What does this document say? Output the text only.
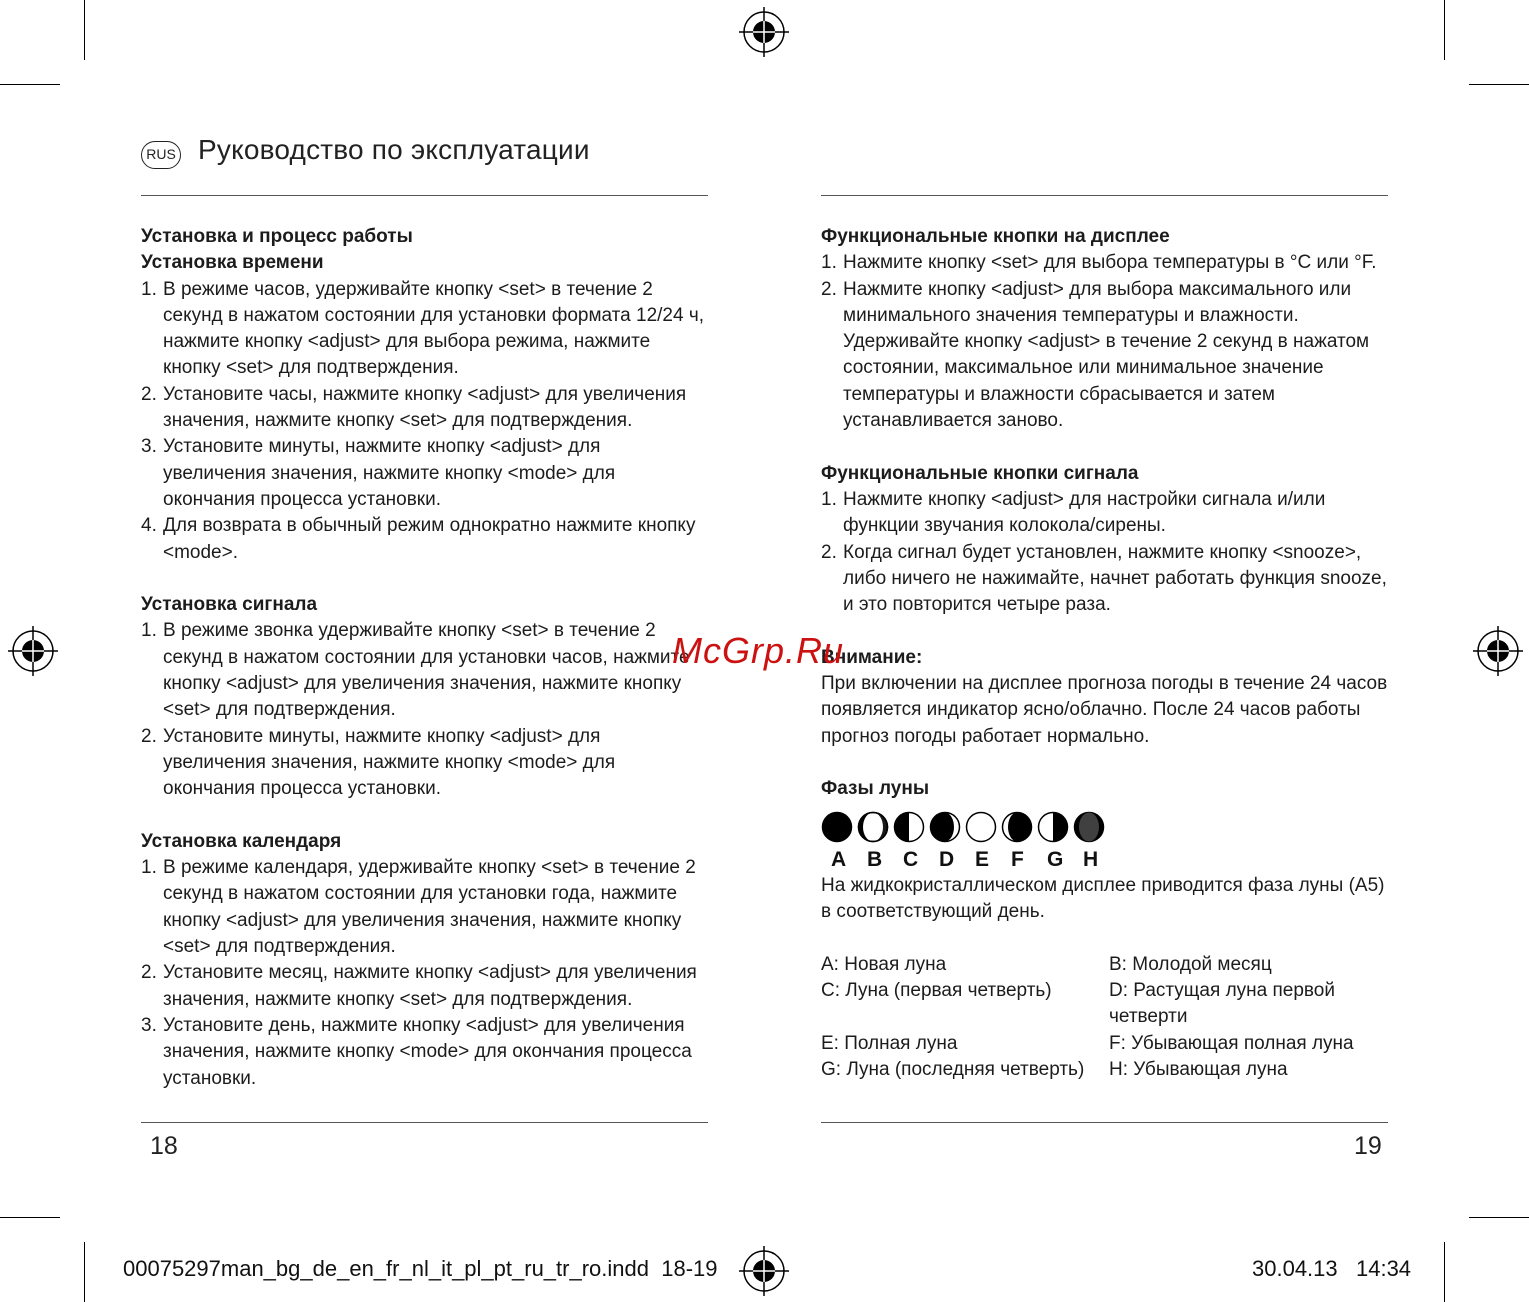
RUS Руководство по эксплуатации
Установка и процесс работы
Установка времени
1. В режиме часов, удерживайте кнопку <set> в течение 2 секунд в нажатом состоянии для установки формата 12/24 ч, нажмите кнопку <adjust> для выбора режима, нажмите кнопку <set> для подтверждения.
2. Установите часы, нажмите кнопку <adjust> для увеличения значения, нажмите кнопку <set> для подтверждения.
3. Установите минуты, нажмите кнопку <adjust> для увеличения значения, нажмите кнопку <mode> для окончания процесса установки.
4. Для возврата в обычный режим однократно нажмите кнопку <mode>.
Установка сигнала
1. В режиме звонка удерживайте кнопку <set> в течение 2 секунд в нажатом состоянии для установки часов, нажмите кнопку <adjust> для увеличения значения, нажмите кнопку <set> для подтверждения.
2. Установите минуты, нажмите кнопку <adjust> для увеличения значения, нажмите кнопку <mode> для окончания процесса установки.
Установка календаря
1. В режиме календаря, удерживайте кнопку <set> в течение 2 секунд в нажатом состоянии для установки года, нажмите кнопку <adjust> для увеличения значения, нажмите кнопку <set> для подтверждения.
2. Установите месяц, нажмите кнопку <adjust> для увеличения значения, нажмите кнопку <set> для подтверждения.
3. Установите день, нажмите кнопку <adjust> для увеличения значения, нажмите кнопку <mode> для окончания процесса установки.
Функциональные кнопки на дисплее
1. Нажмите кнопку <set> для выбора температуры в °C или °F.
2. Нажмите кнопку <adjust> для выбора максимального или минимального значения температуры и влажности. Удерживайте кнопку <adjust> в течение 2 секунд в нажатом состоянии, максимальное или минимальное значение температуры и влажности сбрасывается и затем устанавливается заново.
Функциональные кнопки сигнала
1. Нажмите кнопку <adjust> для настройки сигнала и/или функции звучания колокола/сирены.
2. Когда сигнал будет установлен, нажмите кнопку <snooze>, либо ничего не нажимайте, начнет работать функция snooze, и это повторится четыре раза.
Внимание:

При включении на дисплее прогноза погоды в течение 24 часов появляется индикатор ясно/облачно. После 24 часов работы прогноз погоды работает нормально.

Фазы луны
A B C D E	F	G H

На жидкокристаллическом дисплее приводится фаза луны (A5) в соответствующий день.

A: Новая луна	B: Молодой месяц
C: Луна (первая четверть)	D: Растущая луна первой четверти
E: Полная луна	F: Убывающая полная луна
G: Луна (последняя четверть)	H: Убывающая луна
18	19
McGrp.Ru
00075297man_bg_de_en_fr_nl_it_pl_pt_ru_tr_ro.indd 18-19	30.04.13 14:34
